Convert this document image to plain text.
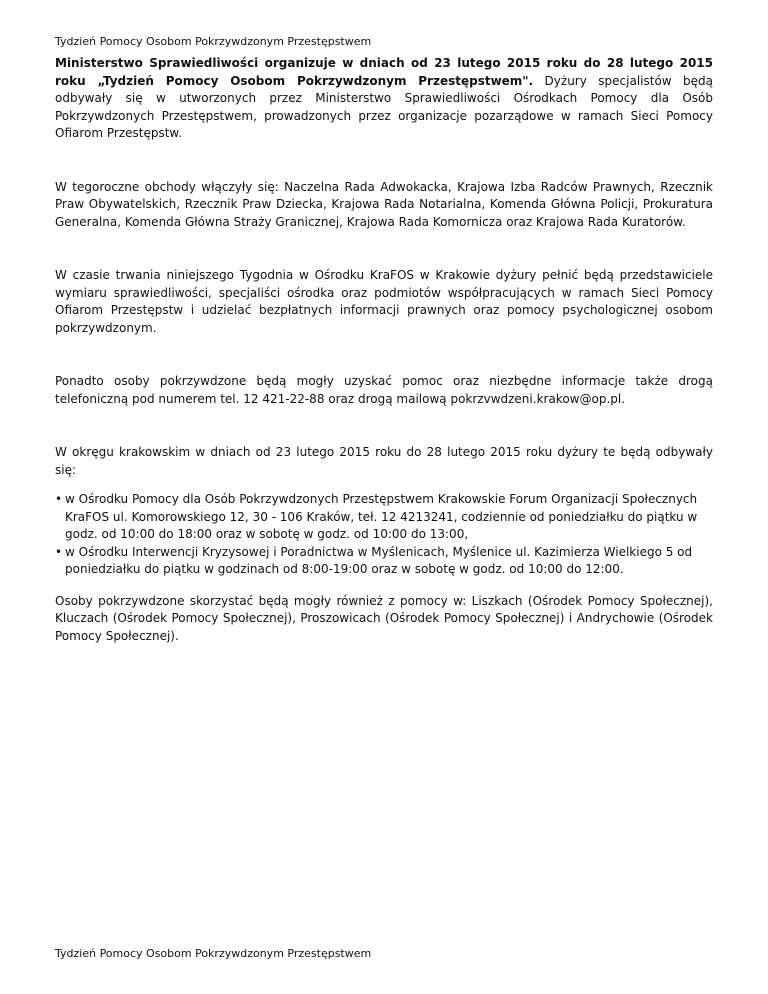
Tydzień Pomocy Osobom Pokrzywdzonym Przestępstwem

Ministerstwo Sprawiedliwości organizuje w dniach od 23 lutego 2015 roku do 28 lutego 2015 roku „Tydzień Pomocy Osobom Pokrzywdzonym Przestępstwem". Dyżury specjalistów będą odbywały się w utworzonych przez Ministerstwo Sprawiedliwości Ośrodkach Pomocy dla Osób Pokrzywdzonych Przestępstwem, prowadzonych przez organizacje pozarządowe w ramach Sieci Pomocy Ofiarom Przestępstw.

W tegoroczne obchody włączyły się: Naczelna Rada Adwokacka, Krajowa Izba Radców Prawnych, Rzecznik Praw Obywatelskich, Rzecznik Praw Dziecka, Krajowa Rada Notarialna, Komenda Główna Policji, Prokuratura Generalna, Komenda Główna Straży Granicznej, Krajowa Rada Komornicza oraz Krajowa Rada Kuratorów.

W czasie trwania niniejszego Tygodnia w Ośrodku KraFOS w Krakowie dyżury pełnić będą przedstawiciele wymiaru sprawiedliwości, specjaliści ośrodka oraz podmiotów współpracujących w ramach Sieci Pomocy Ofiarom Przestępstw i udzielać bezpłatnych informacji prawnych oraz pomocy psychologicznej osobom pokrzywdzonym.

Ponadto osoby pokrzywdzone będą mogły uzyskać pomoc oraz niezbędne informacje także drogą telefoniczną pod numerem tel. 12 421-22-88 oraz drogą mailową pokrzvwdzeni.krakow@op.pl.

W okręgu krakowskim w dniach od 23 lutego 2015 roku do 28 lutego 2015 roku dyżury te będą odbywały się:

• w Ośrodku Pomocy dla Osób Pokrzywdzonych Przestępstwem Krakowskie Forum Organizacji Społecznych KraFOS ul. Komorowskiego 12, 30 - 106 Kraków, teł. 12 4213241, codziennie od poniedziałku do piątku w godz. od 10:00 do 18:00 oraz w sobotę w godz. od 10:00 do 13:00,
• w Ośrodku Interwencji Kryzysowej i Poradnictwa w Myślenicach, Myślenice ul. Kazimierza Wielkiego 5 od poniedziałku do piątku w godzinach od 8:00-19:00 oraz w sobotę w godz. od 10:00 do 12:00.

Osoby pokrzywdzone skorzystać będą mogły również z pomocy w: Liszkach (Ośrodek Pomocy Społecznej), Kluczach (Ośrodek Pomocy Społecznej), Proszowicach (Ośrodek Pomocy Społecznej) i Andrychowie (Ośrodek Pomocy Społecznej).

Tydzień Pomocy Osobom Pokrzywdzonym Przestępstwem
